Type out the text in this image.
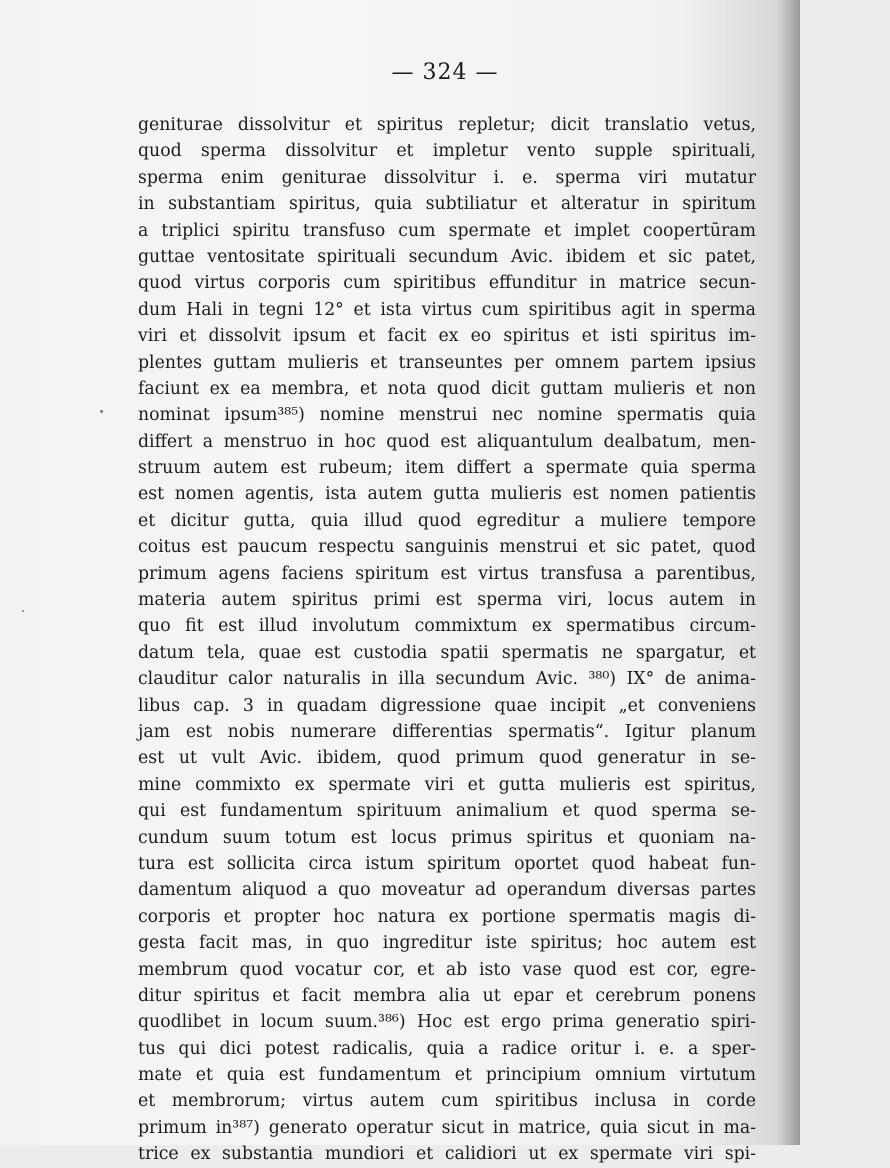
— 324 —
geniturae dissolvitur et spiritus repletur; dicit translatio vetus,
quod sperma dissolvitur et impletur vento supple spirituali,
sperma enim geniturae dissolvitur i. e. sperma viri mutatur
in substantiam spiritus, quia subtiliatur et alteratur in spiritum
a triplici spiritu transfuso cum spermate et implet coopertūram
guttae ventositate spirituali secundum Avic. ibidem et sic patet,
quod virtus corporis cum spiritibus effunditur in matrice secun-
dum Hali in tegni 12° et ista virtus cum spiritibus agit in sperma
viri et dissolvit ipsum et facit ex eo spiritus et isti spiritus im-
plentes guttam mulieris et transeuntes per omnem partem ipsius
faciunt ex ea membra, et nota quod dicit guttam mulieris et non
nominat ipsum³⁸⁵) nomine menstrui nec nomine spermatis quia
differt a menstruo in hoc quod est aliquantulum dealbatum, men-
struum autem est rubeum; item differt a spermate quia sperma
est nomen agentis, ista autem gutta mulieris est nomen patientis
et dicitur gutta, quia illud quod egreditur a muliere tempore
coitus est paucum respectu sanguinis menstrui et sic patet, quod
primum agens faciens spiritum est virtus transfusa a parentibus,
materia autem spiritus primi est sperma viri, locus autem in
quo fit est illud involutum commixtum ex spermatibus circum-
datum tela, quae est custodia spatii spermatis ne spargatur, et
clauditur calor naturalis in illa secundum Avic. ³⁸⁰) IX° de anima-
libus cap. 3 in quadam digressione quae incipit „et conveniens
jam est nobis numerare differentias spermatis“. Igitur planum
est ut vult Avic. ibidem, quod primum quod generatur in se-
mine commixto ex spermate viri et gutta mulieris est spiritus,
qui est fundamentum spirituum animalium et quod sperma se-
cundum suum totum est locus primus spiritus et quoniam na-
tura est sollicita circa istum spiritum oportet quod habeat fun-
damentum aliquod a quo moveatur ad operandum diversas partes
corporis et propter hoc natura ex portione spermatis magis di-
gesta facit mas, in quo ingreditur iste spiritus; hoc autem est
membrum quod vocatur cor, et ab isto vase quod est cor, egre-
ditur spiritus et facit membra alia ut epar et cerebrum ponens
quodlibet in locum suum.³⁸⁶) Hoc est ergo prima generatio spiri-
tus qui dici potest radicalis, quia a radice oritur i. e. a sper-
mate et quia est fundamentum et principium omnium virtutum
et membrorum; virtus autem cum spiritibus inclusa in corde
primum in³⁸⁷) generato operatur sicut in matrice, quia sicut in ma-
trice ex substantia mundiori et calidiori ut ex spermate viri spi-
